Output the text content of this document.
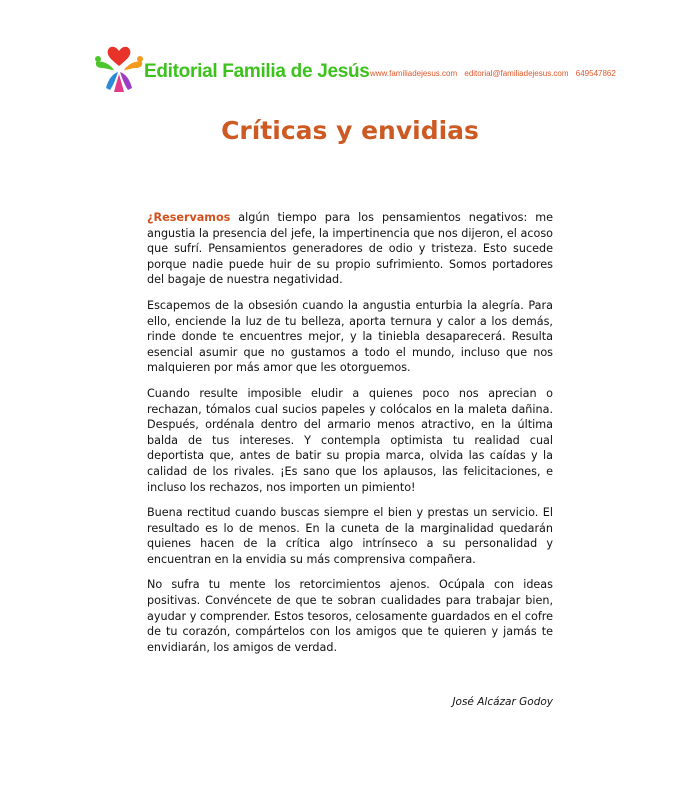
Editorial Familia de Jesús www.familiadejesus.com editorial@familiadejesus.com 649547862
Críticas y envidias

¿Reservamos algún tiempo para los pensamientos negativos: me angustia la presencia del jefe, la impertinencia que nos dijeron, el acoso que sufrí. Pensamientos generadores de odio y tristeza. Esto sucede porque nadie puede huir de su propio sufrimiento. Somos portadores del bagaje de nuestra negatividad.

Escapemos de la obsesión cuando la angustia enturbia la alegría. Para ello, enciende la luz de tu belleza, aporta ternura y calor a los demás, rinde donde te encuentres mejor, y la tiniebla desaparecerá. Resulta esencial asumir que no gustamos a todo el mundo, incluso que nos malquieren por más amor que les otorguemos.

Cuando resulte imposible eludir a quienes poco nos aprecian o rechazan, tómalos cual sucios papeles y colócalos en la maleta dañina. Después, ordénala dentro del armario menos atractivo, en la última balda de tus intereses. Y contempla optimista tu realidad cual deportista que, antes de batir su propia marca, olvida las caídas y la calidad de los rivales. ¡Es sano que los aplausos, las felicitaciones, e incluso los rechazos, nos importen un pimiento!

Buena rectitud cuando buscas siempre el bien y prestas un servicio. El resultado es lo de menos. En la cuneta de la marginalidad quedarán quienes hacen de la crítica algo intrínseco a su personalidad y encuentran en la envidia su más comprensiva compañera.

No sufra tu mente los retorcimientos ajenos. Ocúpala con ideas positivas. Convéncete de que te sobran cualidades para trabajar bien, ayudar y comprender. Estos tesoros, celosamente guardados en el cofre de tu corazón, compártelos con los amigos que te quieren y jamás te envidiarán, los amigos de verdad.

José Alcázar Godoy
